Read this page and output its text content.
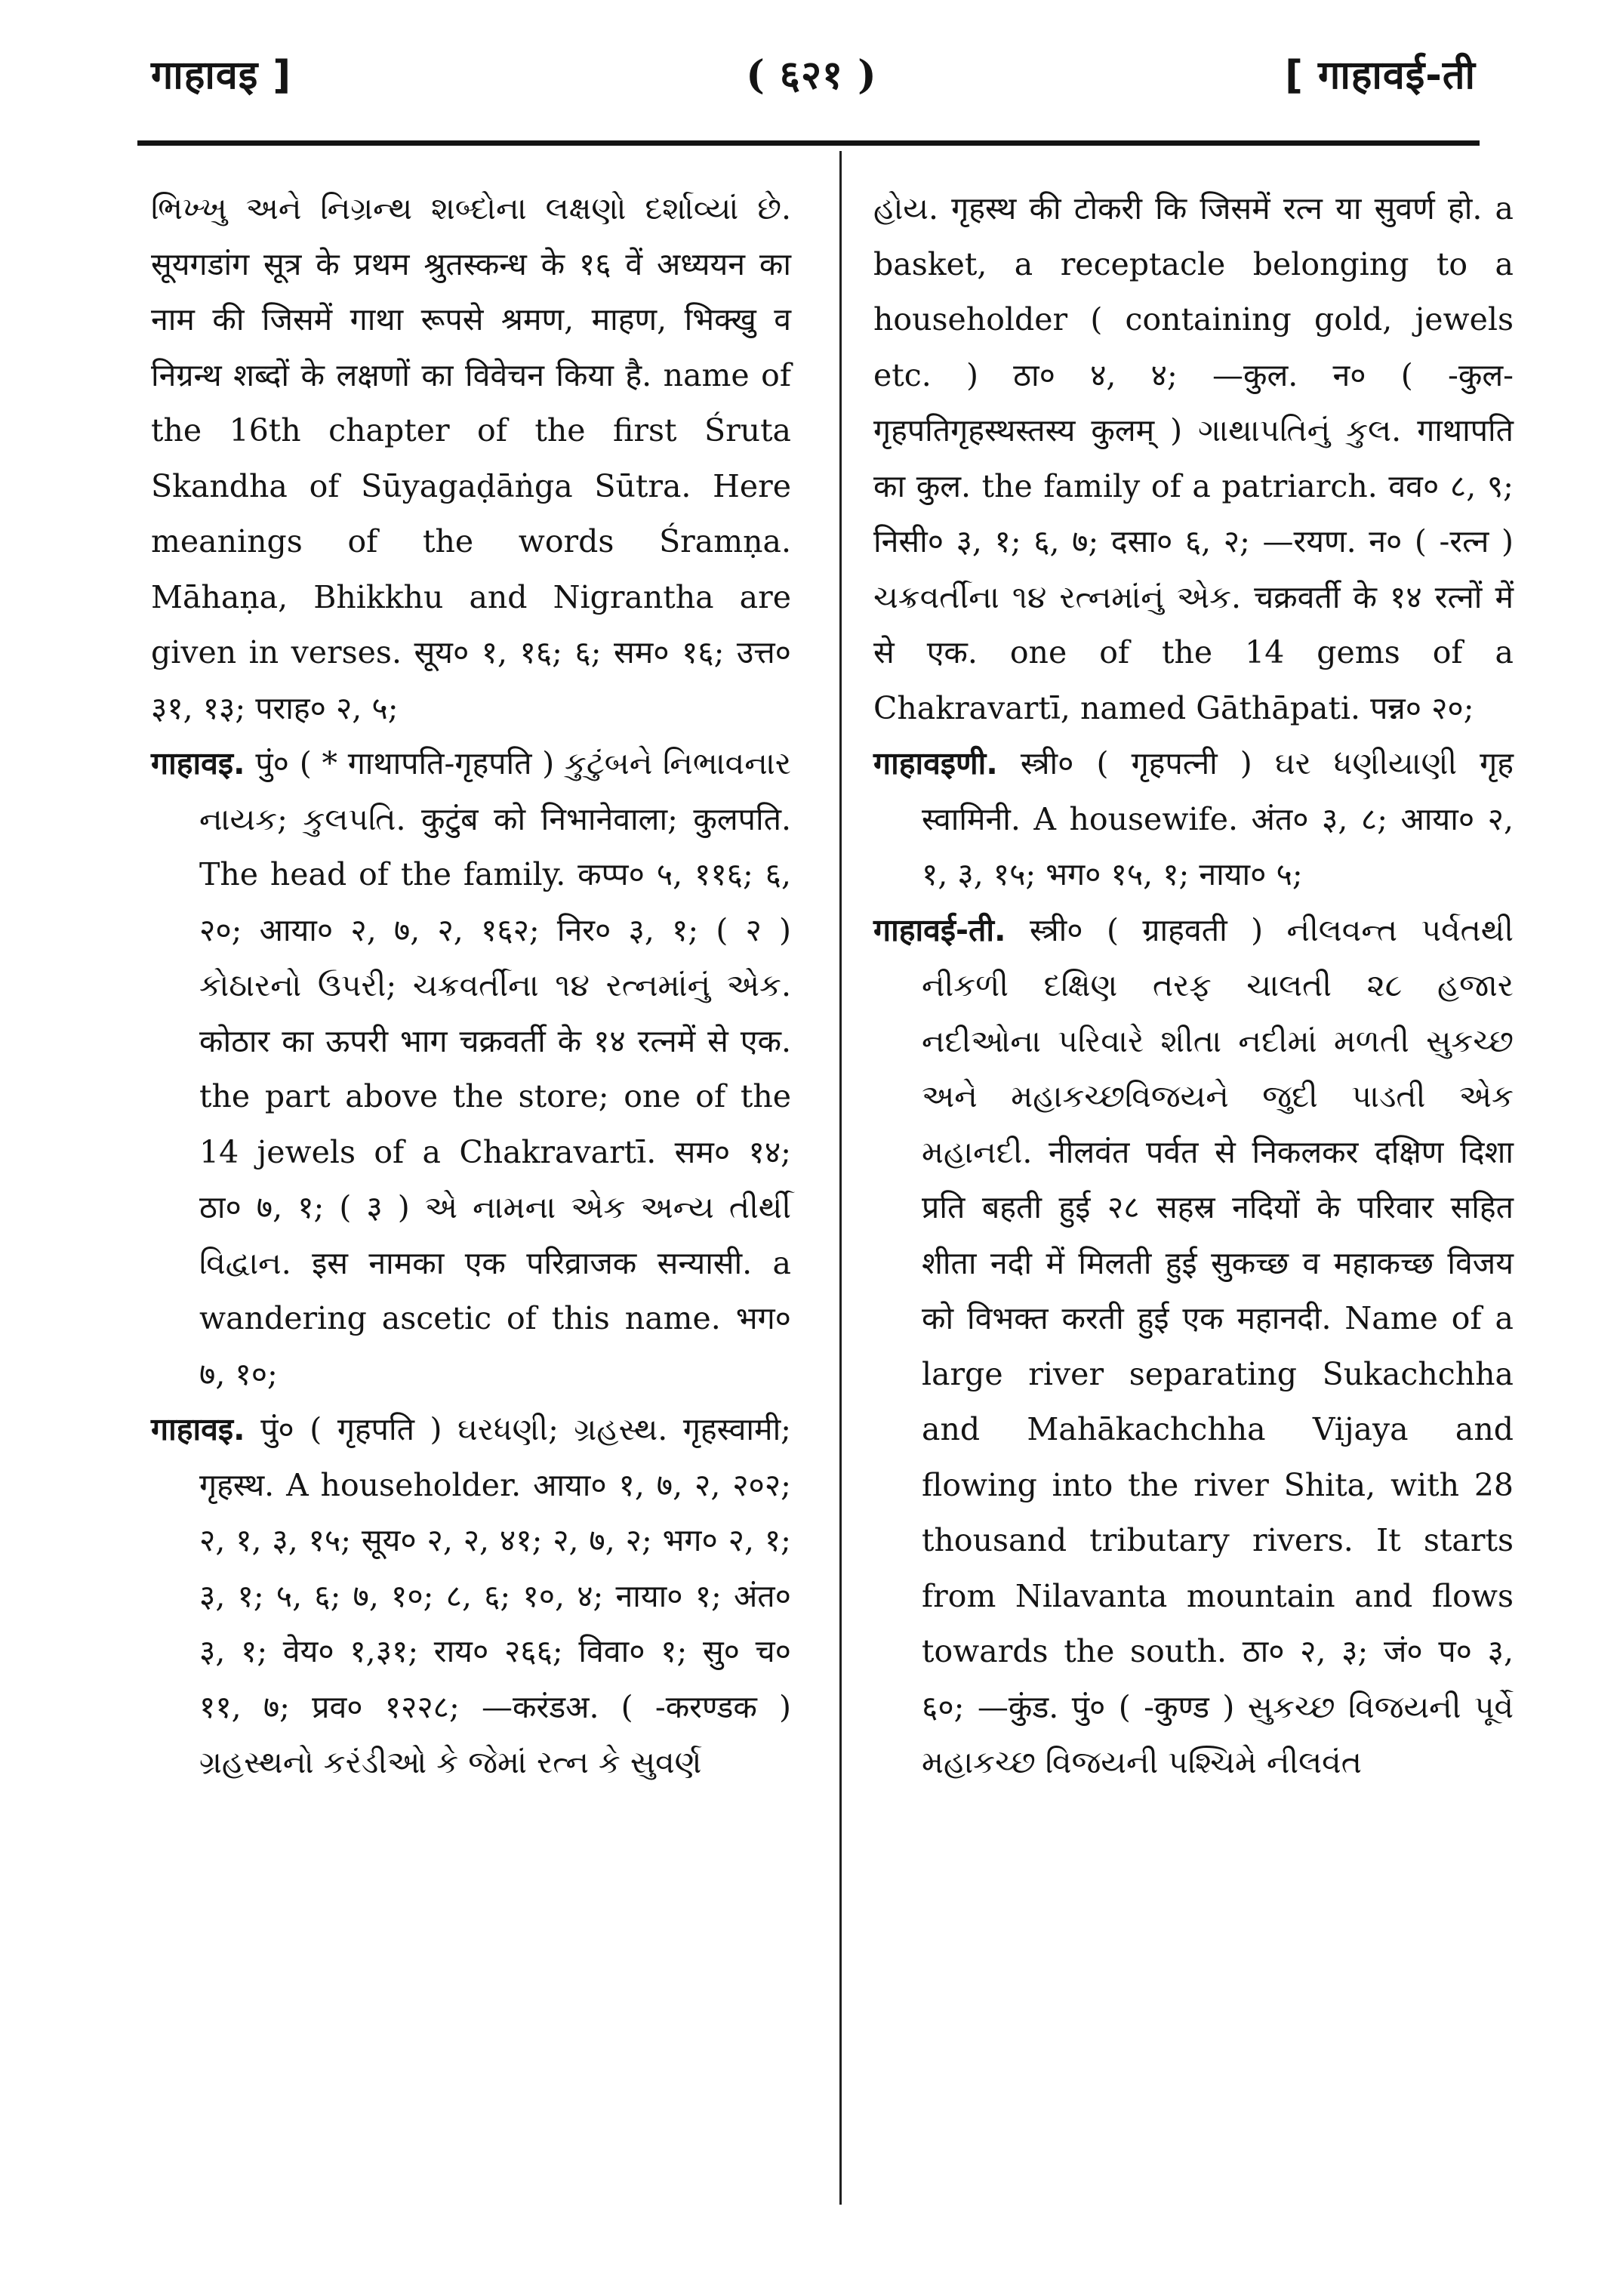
गाहावइ ]	( ६२१ )	[ गाहावई-ती

ભિખ્ખુ અને નિગ્રન્થ શબ્દોના લક્ષણો દર્શાવ્યાં છે. सूयगडांग सूत्र के प्रथम श्रुतस्कन्ध के १६ वें अध्ययन का नाम की जिसमें गाथा रूपसे श्रमण, माहण, भिक्खु व निग्रन्थ शब्दों के लक्षणों का विवेचन किया है. name of the 16th chapter of the first Śruta Skandha of Sūyagaḍāṅga Sūtra. Here meanings of the words Śramṇa. Māhaṇa, Bhikkhu and Nigrantha are given in verses. सूय० १, १६; ६; सम० १६; उत्त० ३१, १३; पराह० २, ५;

गाहावइ. पुं० ( * गाथापति-गृहपति ) કુટુંબને નિભાવનાર નાયક; કુલપતિ. कुटुंब को निभानेवाला; कुलपति. The head of the family. कप्प० ५, ११६; ६, २०; आया० २, ७, २, १६२; निर० ३, १; ( २ ) કોઠારનો ઉપરી; ચક્રવર્તીના ૧૪ રત્નમાંનું એક. कोठार का ऊपरी भाग चक्रवर्ती के १४ रत्नमें से एक. the part above the store; one of the 14 jewels of a Chakravartī. सम० १४; ठा० ७, १; ( ३ ) એ નામના એક અન્ય તીર્થી વિદ્વાન. इस नामका एक परिव्राजक सन्यासी. a wandering ascetic of this name. भग० ७, १०;

गाहावइ. पुं० ( गृहपति ) ઘરધણી; ગ્રહસ્થ. गृहस्वामी; गृहस्थ. A householder. आया० १, ७, २, २०२; २, १, ३, १५; सूय० २, २, ४१; २, ७, २; भग० २, १; ३, १; ५, ६; ७, १०; ८, ६; १०, ४; नाया० १; अंत० ३, १; वेय० १,३१; राय० २६६; विवा० १; सु० च० ११, ७; प्रव० १२२८; —करंडअ. ( -करण्डक ) ગ્રહસ્થનો કરંડીઓ કે જેમાં રત્ન કે સુવર્ણ

હોય. गृहस्थ की टोकरी कि जिसमें रत्न या सुवर्ण हो. a basket, a receptacle belonging to a householder ( containing gold, jewels etc. ) ठा० ४, ४; —कुल. न० ( -कुल-गृहपतिगृहस्थस्तस्य कुलम् ) ગાથાપતિનું કુલ. गाथापति का कुल. the family of a patriarch. वव० ८, ९; निसी० ३, १; ६, ७; दसा० ६, २; —रयण. न० ( -रत्न ) ચક્રવર્તીના ૧૪ રત્નમાંનું એક. चक्रवर्ती के १४ रत्नों में से एक. one of the 14 gems of a Chakravartī, named Gāthāpati. पन्न० २०;

गाहावइणी. स्त्री० ( गृहपत्नी ) ઘર ધણીયાણી गृह स्वामिनी. A housewife. अंत० ३, ८; आया० २, १, ३, १५; भग० १५, १; नाया० ५;

गाहावई-ती. स्त्री० ( ग्राहवती ) નીલવન્ત પર્વતથી નીકળી દક્ષિણ તરફ ચાલતી ૨૮ હજાર નદીઓના પરિવારે શીતા નદીમાં મળતી સુકચ્છ અને મહાકચ્છવિજયને જુદી પાડતી એક મહાનદી. नीलवंत पर्वत से निकलकर दक्षिण दिशा प्रति बहती हुई २८ सहस्र नदियों के परिवार सहित शीता नदी में मिलती हुई सुकच्छ व महाकच्छ विजय को विभक्त करती हुई एक महानदी. Name of a large river separating Sukachchha and Mahākachchha Vijaya and flowing into the river Shita, with 28 thousand tributary rivers. It starts from Nilavanta mountain and flows towards the south. ठा० २, ३; जं० प० ३, ६०; —कुंड. पुं० ( -कुण्ड ) સુકચ્છ વિજયની પૂર્વે મહાકચ્છ વિજયની પશ્ચિમે નીલવંત
